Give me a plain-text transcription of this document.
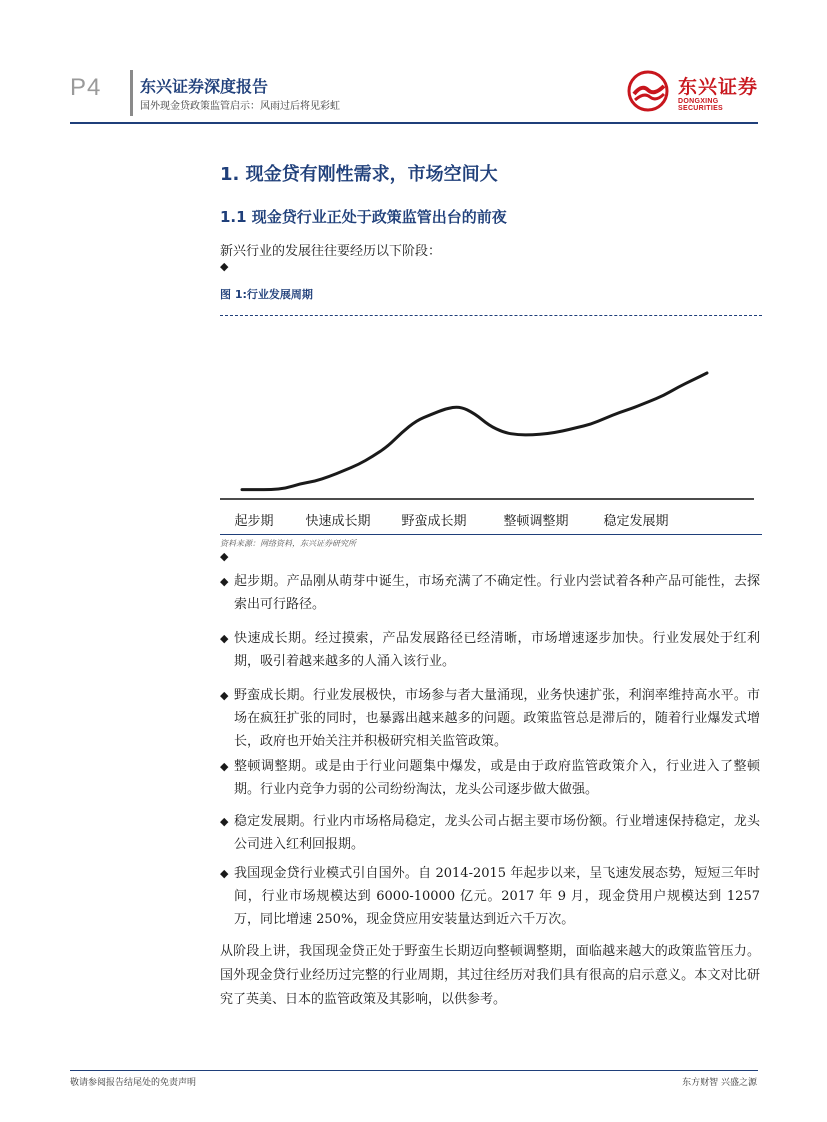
P4 东兴证券深度报告
国外现金贷政策监管启示：风雨过后将见彩虹
东兴证券
DONGXING SECURITIES
1. 现金贷有刚性需求，市场空间大
1.1 现金贷行业正处于政策监管出台的前夜
新兴行业的发展往往要经历以下阶段：
◆
图 1:行业发展周期
起步期 快速成长期 野蛮成长期	整顿调整期	稳定发展期
资料来源：网络资料，东兴证券研究所
◆
◆ 起步期。产品刚从萌芽中诞生，市场充满了不确定性。行业内尝试着各种产品可能性，去探索出可行路径。
◆ 快速成长期。经过摸索，产品发展路径已经清晰，市场增速逐步加快。行业发展处于红利期，吸引着越来越多的人涌入该行业。
◆ 野蛮成长期。行业发展极快，市场参与者大量涌现，业务快速扩张，利润率维持高水平。市场在疯狂扩张的同时，也暴露出越来越多的问题。政策监管总是滞后的，随着行业爆发式增长，政府也开始关注并积极研究相关监管政策。
◆ 整顿调整期。或是由于行业问题集中爆发，或是由于政府监管政策介入，行业进入了整顿期。行业内竞争力弱的公司纷纷淘汰，龙头公司逐步做大做强。
◆ 稳定发展期。行业内市场格局稳定，龙头公司占据主要市场份额。行业增速保持稳定，龙头公司进入红利回报期。
◆ 我国现金贷行业模式引自国外。自 2014-2015 年起步以来，呈飞速发展态势，短短三年时间，行业市场规模达到 6000-10000 亿元。2017 年 9 月，现金贷用户规模达到 1257 万，同比增速 250%，现金贷应用安装量达到近六千万次。
从阶段上讲，我国现金贷正处于野蛮生长期迈向整顿调整期，面临越来越大的政策监管压力。国外现金贷行业经历过完整的行业周期，其过往经历对我们具有很高的启示意义。本文对比研究了英美、日本的监管政策及其影响，以供参考。
敬请参阅报告结尾处的免责声明	东方财智 兴盛之源
